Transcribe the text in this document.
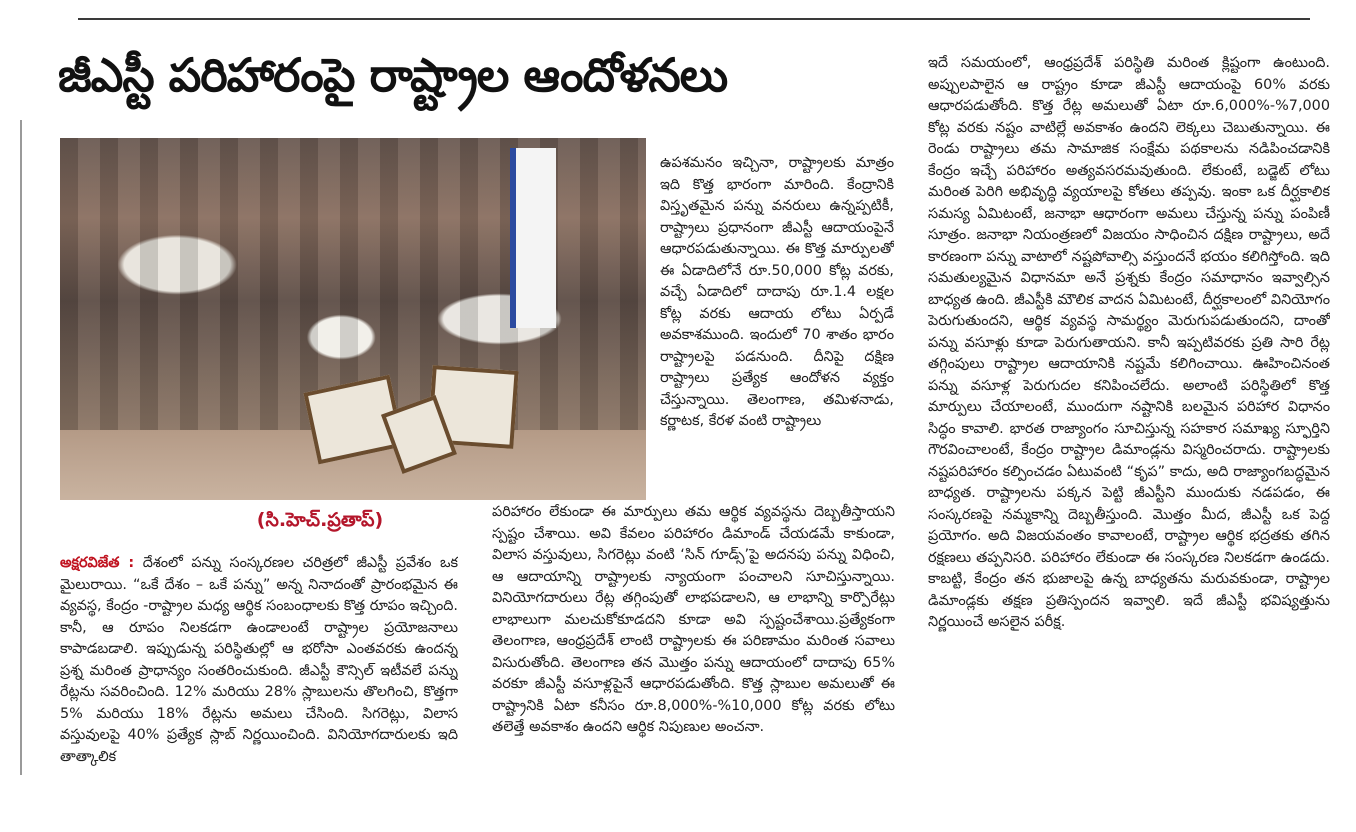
జీఎస్టీ పరిహారంపై రాష్ట్రాల ఆందోళనలు
(సి.హెచ్.ప్రతాప్)

ఉపశమనం ఇచ్చినా, రాష్ట్రాలకు మాత్రం ఇది కొత్త భారంగా మారింది. కేంద్రానికి విస్తృతమైన పన్ను వనరులు ఉన్నప్పటికీ, రాష్ట్రాలు ప్రధానంగా జీఎస్టీ ఆదాయంపైనే ఆధారపడుతున్నాయి. ఈ కొత్త మార్పులతో ఈ ఏడాదిలోనే రూ.50,000 కోట్ల వరకు, వచ్చే ఏడాదిలో దాదాపు రూ.1.4 లక్షల కోట్ల వరకు ఆదాయ లోటు ఏర్పడే అవకాశముంది. ఇందులో 70 శాతం భారం రాష్ట్రాలపై పడనుంది. దీనిపై దక్షిణ రాష్ట్రాలు ప్రత్యేక ఆందోళన వ్యక్తం చేస్తున్నాయి. తెలంగాణ, తమిళనాడు, కర్ణాటక, కేరళ వంటి రాష్ట్రాలు

అక్షరవిజేత : దేశంలో పన్ను సంస్కరణల చరిత్రలో జీఎస్టీ ప్రవేశం ఒక మైలురాయి. “ఒకే దేశం – ఒకే పన్ను” అన్న నినాదంతో ప్రారంభమైన ఈ వ్యవస్థ, కేంద్రం -రాష్ట్రాల మధ్య ఆర్థిక సంబంధాలకు కొత్త రూపం ఇచ్చింది. కానీ, ఆ రూపం నిలకడగా ఉండాలంటే రాష్ట్రాల ప్రయోజనాలు కాపాడబడాలి. ఇప్పుడున్న పరిస్థితుల్లో ఆ భరోసా ఎంతవరకు ఉందన్న ప్రశ్న మరింత ప్రాధాన్యం సంతరించుకుంది. జీఎస్టీ కౌన్సిల్ ఇటీవలే పన్ను రేట్లను సవరించింది. 12% మరియు 28% స్లాబులను తొలగించి, కొత్తగా 5% మరియు 18% రేట్లను అమలు చేసింది. సిగరెట్లు, విలాస వస్తువులపై 40% ప్రత్యేక స్లాబ్ నిర్ణయించింది. వినియోగదారులకు ఇది తాత్కాలిక

పరిహారం లేకుండా ఈ మార్పులు తమ ఆర్థిక వ్యవస్థను దెబ్బతీస్తాయని స్పష్టం చేశాయి. అవి కేవలం పరిహారం డిమాండ్ చేయడమే కాకుండా, విలాస వస్తువులు, సిగరెట్లు వంటి ‘సిన్ గూడ్స్’పై అదనపు పన్ను విధించి, ఆ ఆదాయాన్ని రాష్ట్రాలకు న్యాయంగా పంచాలని సూచిస్తున్నాయి. వినియోగదారులు రేట్ల తగ్గింపుతో లాభపడాలని, ఆ లాభాన్ని కార్పొరేట్లు లాభాలుగా మలచుకోకూడదని కూడా అవి స్పష్టంచేశాయి.ప్రత్యేకంగా తెలంగాణ, ఆంధ్రప్రదేశ్ లాంటి రాష్ట్రాలకు ఈ పరిణామం మరింత సవాలు విసురుతోంది. తెలంగాణ తన మొత్తం పన్ను ఆదాయంలో దాదాపు 65% వరకూ జీఎస్టీ వసూళ్లపైనే ఆధారపడుతోంది. కొత్త స్లాబుల అమలుతో ఈ రాష్ట్రానికి ఏటా కనీసం రూ.8,000%-%10,000 కోట్ల వరకు లోటు తలెత్తే అవకాశం ఉందని ఆర్థిక నిపుణుల అంచనా.

ఇదే సమయంలో, ఆంధ్రప్రదేశ్ పరిస్థితి మరింత క్లిష్టంగా ఉంటుంది. అప్పులపాలైన ఆ రాష్ట్రం కూడా జీఎస్టీ ఆదాయంపై 60% వరకు ఆధారపడుతోంది. కొత్త రేట్ల అమలుతో ఏటా రూ.6,000%-%7,000 కోట్ల వరకు నష్టం వాటిల్లే అవకాశం ఉందని లెక్కలు చెబుతున్నాయి. ఈ రెండు రాష్ట్రాలు తమ సామాజిక సంక్షేమ పథకాలను నడిపించడానికి కేంద్రం ఇచ్చే పరిహారం అత్యవసరమవుతుంది. లేకుంటే, బడ్జెట్ లోటు మరింత పెరిగి అభివృద్ధి వ్యయాలపై కోతలు తప్పవు. ఇంకా ఒక దీర్ఘకాలిక సమస్య ఏమిటంటే, జనాభా ఆధారంగా అమలు చేస్తున్న పన్ను పంపిణీ సూత్రం. జనాభా నియంత్రణలో విజయం సాధించిన దక్షిణ రాష్ట్రాలు, అదే కారణంగా పన్ను వాటాలో నష్టపోవాల్సి వస్తుందనే భయం కలిగిస్తోంది. ఇది సమతుల్యమైన విధానమా అనే ప్రశ్నకు కేంద్రం సమాధానం ఇవ్వాల్సిన బాధ్యత ఉంది. జీఎస్టీకి మౌలిక వాదన ఏమిటంటే, దీర్ఘకాలంలో వినియోగం పెరుగుతుందని, ఆర్థిక వ్యవస్థ సామర్థ్యం మెరుగుపడుతుందని, దాంతో పన్ను వసూళ్లు కూడా పెరుగుతాయని. కానీ ఇప్పటివరకు ప్రతి సారి రేట్ల తగ్గింపులు రాష్ట్రాల ఆదాయానికి నష్టమే కలిగించాయి. ఊహించినంత పన్ను వసూళ్ల పెరుగుదల కనిపించలేదు. అలాంటి పరిస్థితిలో కొత్త మార్పులు చేయాలంటే, ముందుగా నష్టానికి బలమైన పరిహార విధానం సిద్ధం కావాలి. భారత రాజ్యాంగం సూచిస్తున్న సహకార సమాఖ్య స్ఫూర్తిని గౌరవించాలంటే, కేంద్రం రాష్ట్రాల డిమాండ్లను విస్మరించరాదు. రాష్ట్రాలకు నష్టపరిహారం కల్పించడం ఏటువంటి “కృప” కాదు, అది రాజ్యాంగబద్ధమైన బాధ్యత. రాష్ట్రాలను పక్కన పెట్టి జీఎస్టీని ముందుకు నడపడం, ఈ సంస్కరణపై నమ్మకాన్ని దెబ్బతీస్తుంది. మొత్తం మీద, జీఎస్టీ ఒక పెద్ద ప్రయోగం. అది విజయవంతం కావాలంటే, రాష్ట్రాల ఆర్థిక భద్రతకు తగిన రక్షణలు తప్పనిసరి. పరిహారం లేకుండా ఈ సంస్కరణ నిలకడగా ఉండదు. కాబట్టి, కేంద్రం తన భుజాలపై ఉన్న బాధ్యతను మరువకుండా, రాష్ట్రాల డిమాండ్లకు తక్షణ ప్రతిస్పందన ఇవ్వాలి. ఇదే జీఎస్టీ భవిష్యత్తును నిర్ణయించే అసలైన పరీక్ష.
